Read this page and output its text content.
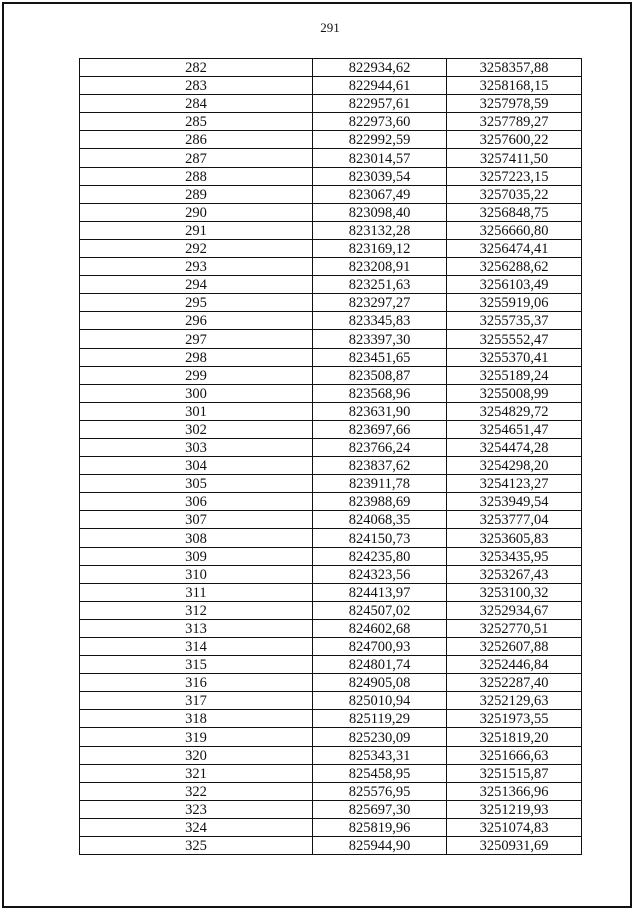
291
282	822934,62	3258357,88
283	822944,61	3258168,15
284	822957,61	3257978,59
285	822973,60	3257789,27
286	822992,59	3257600,22
287	823014,57	3257411,50
288	823039,54	3257223,15
289	823067,49	3257035,22
290	823098,40	3256848,75
291	823132,28	3256660,80
292	823169,12	3256474,41
293	823208,91	3256288,62
294	823251,63	3256103,49
295	823297,27	3255919,06
296	823345,83	3255735,37
297	823397,30	3255552,47
298	823451,65	3255370,41
299	823508,87	3255189,24
300	823568,96	3255008,99
301	823631,90	3254829,72
302	823697,66	3254651,47
303	823766,24	3254474,28
304	823837,62	3254298,20
305	823911,78	3254123,27
306	823988,69	3253949,54
307	824068,35	3253777,04
308	824150,73	3253605,83
309	824235,80	3253435,95
310	824323,56	3253267,43
311	824413,97	3253100,32
312	824507,02	3252934,67
313	824602,68	3252770,51
314	824700,93	3252607,88
315	824801,74	3252446,84
316	824905,08	3252287,40
317	825010,94	3252129,63
318	825119,29	3251973,55
319	825230,09	3251819,20
320	825343,31	3251666,63
321	825458,95	3251515,87
322	825576,95	3251366,96
323	825697,30	3251219,93
324	825819,96	3251074,83
325	825944,90	3250931,69
